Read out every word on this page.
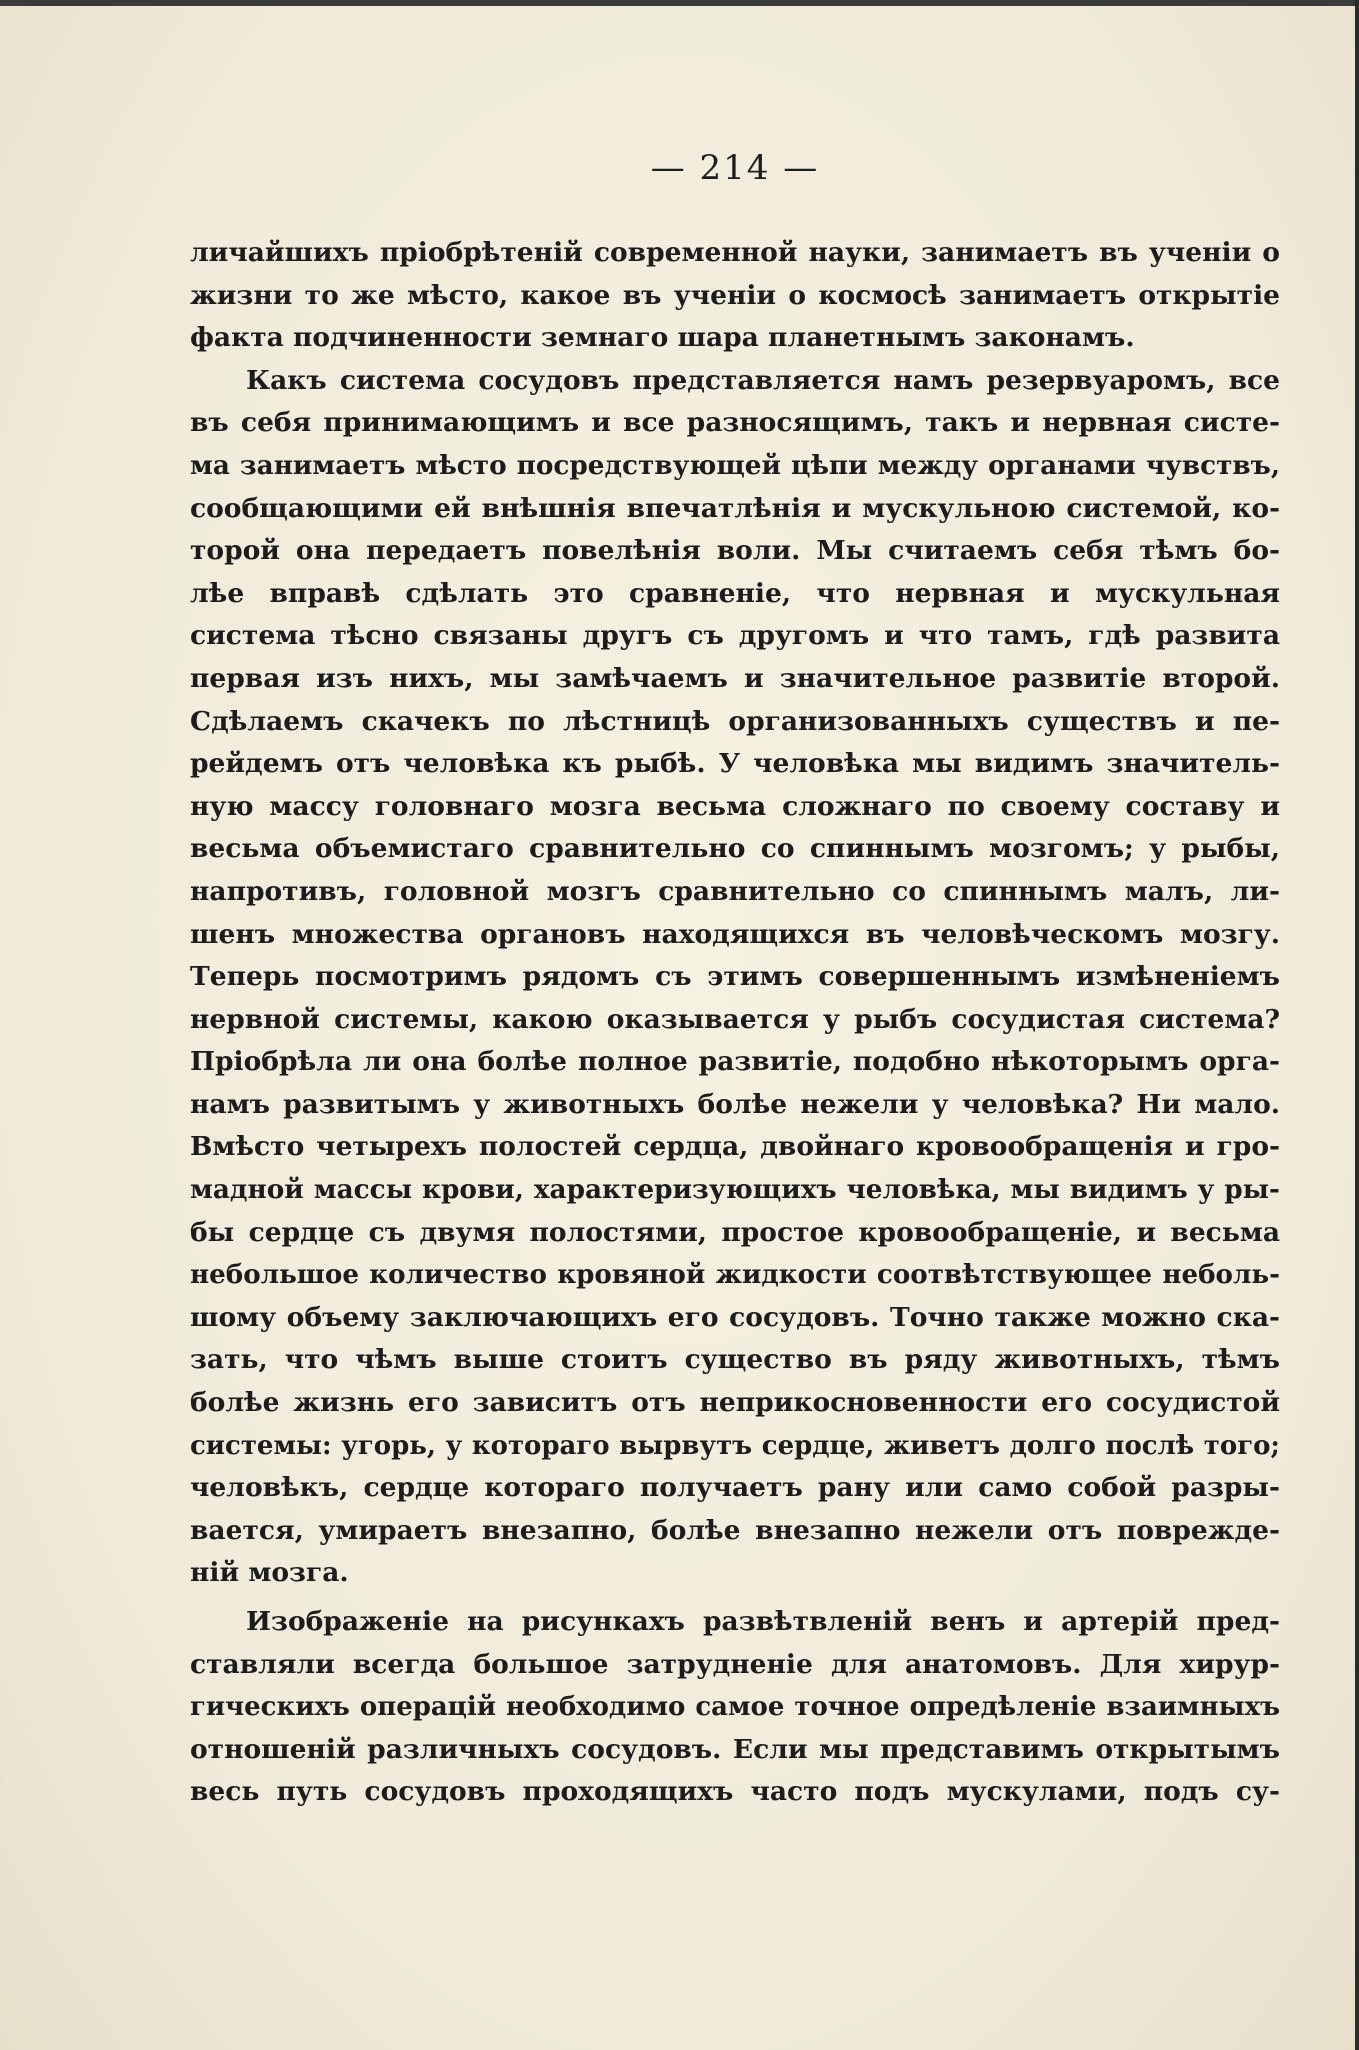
— 214 —
личайшихъ пріобрѣтеній современной науки, занимаетъ въ ученіи о
жизни то же мѣсто, какое въ ученіи о космосѣ занимаетъ открытіе
факта подчиненности земнаго шара планетнымъ законамъ.
Какъ система сосудовъ представляется намъ резервуаромъ, все
въ себя принимающимъ и все разносящимъ, такъ и нервная систе-
ма занимаетъ мѣсто посредствующей цѣпи между органами чувствъ,
сообщающими ей внѣшнія впечатлѣнія и мускульною системой, ко-
торой она передаетъ повелѣнія воли. Мы считаемъ себя тѣмъ бо-
лѣе вправѣ сдѣлать это сравненіе, что нервная и мускульная
система тѣсно связаны другъ съ другомъ и что тамъ, гдѣ развита
первая изъ нихъ, мы замѣчаемъ и значительное развитіе второй.
Сдѣлаемъ скачекъ по лѣстницѣ организованныхъ существъ и пе-
рейдемъ отъ человѣка къ рыбѣ. У человѣка мы видимъ значитель-
ную массу головнаго мозга весьма сложнаго по своему составу и
весьма объемистаго сравнительно со спиннымъ мозгомъ; у рыбы,
напротивъ, головной мозгъ сравнительно со спиннымъ малъ, ли-
шенъ множества органовъ находящихся въ человѣческомъ мозгу.
Теперь посмотримъ рядомъ съ этимъ совершеннымъ измѣненіемъ
нервной системы, какою оказывается у рыбъ сосудистая система?
Пріобрѣла ли она болѣе полное развитіе, подобно нѣкоторымъ орга-
намъ развитымъ у животныхъ болѣе нежели у человѣка? Ни мало.
Вмѣсто четырехъ полостей сердца, двойнаго кровообращенія и гро-
мадной массы крови, характеризующихъ человѣка, мы видимъ у ры-
бы сердце съ двумя полостями, простое кровообращеніе, и весьма
небольшое количество кровяной жидкости соотвѣтствующее неболь-
шому объему заключающихъ его сосудовъ. Точно также можно ска-
зать, что чѣмъ выше стоитъ существо въ ряду животныхъ, тѣмъ
болѣе жизнь его зависитъ отъ неприкосновенности его сосудистой
системы: угорь, у котораго вырвутъ сердце, живетъ долго послѣ того;
человѣкъ, сердце котораго получаетъ рану или само собой разры-
вается, умираетъ внезапно, болѣе внезапно нежели отъ поврежде-
ній мозга.
Изображеніе на рисункахъ развѣтвленій венъ и артерій пред-
ставляли всегда большое затрудненіе для анатомовъ. Для хирур-
гическихъ операцій необходимо самое точное опредѣленіе взаимныхъ
отношеній различныхъ сосудовъ. Если мы представимъ открытымъ
весь путь сосудовъ проходящихъ часто подъ мускулами, подъ су-
